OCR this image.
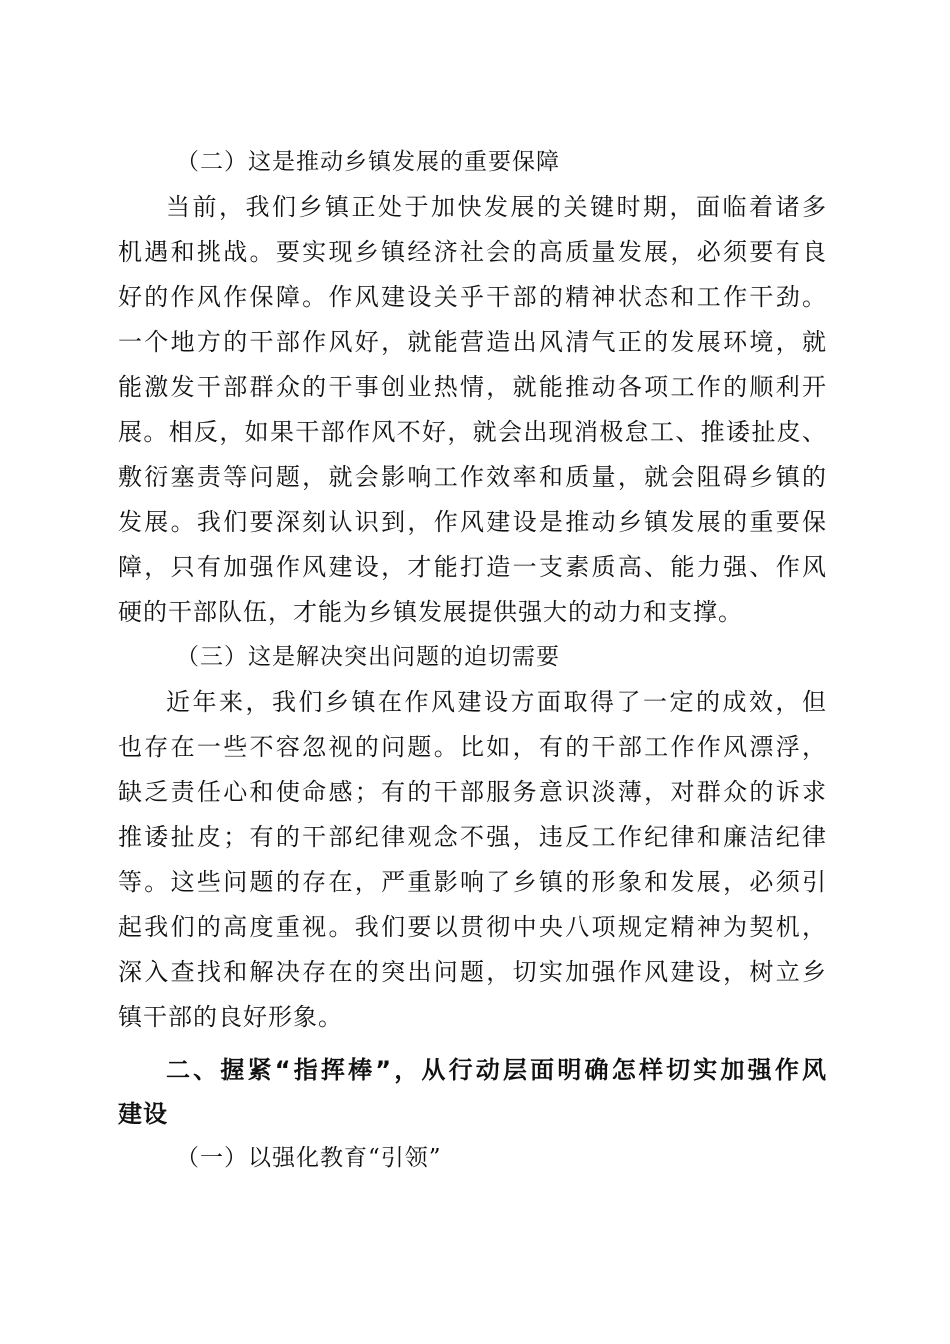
（二）这是推动乡镇发展的重要保障

当前，我们乡镇正处于加快发展的关键时期，面临着诸多
机遇和挑战。要实现乡镇经济社会的高质量发展，必须要有良
好的作风作保障。作风建设关乎干部的精神状态和工作干劲。
一个地方的干部作风好，就能营造出风清气正的发展环境，就
能激发干部群众的干事创业热情，就能推动各项工作的顺利开
展。相反，如果干部作风不好，就会出现消极怠工、推诿扯皮、
敷衍塞责等问题，就会影响工作效率和质量，就会阻碍乡镇的
发展。我们要深刻认识到，作风建设是推动乡镇发展的重要保
障，只有加强作风建设，才能打造一支素质高、能力强、作风
硬的干部队伍，才能为乡镇发展提供强大的动力和支撑。

（三）这是解决突出问题的迫切需要

近年来，我们乡镇在作风建设方面取得了一定的成效，但
也存在一些不容忽视的问题。比如，有的干部工作作风漂浮，
缺乏责任心和使命感；有的干部服务意识淡薄，对群众的诉求
推诿扯皮；有的干部纪律观念不强，违反工作纪律和廉洁纪律
等。这些问题的存在，严重影响了乡镇的形象和发展，必须引
起我们的高度重视。我们要以贯彻中央八项规定精神为契机，
深入查找和解决存在的突出问题，切实加强作风建设，树立乡
镇干部的良好形象。
二、握紧“指挥棒”，从行动层面明确怎样切实加强作风
建设

（一）以强化教育“引领”
